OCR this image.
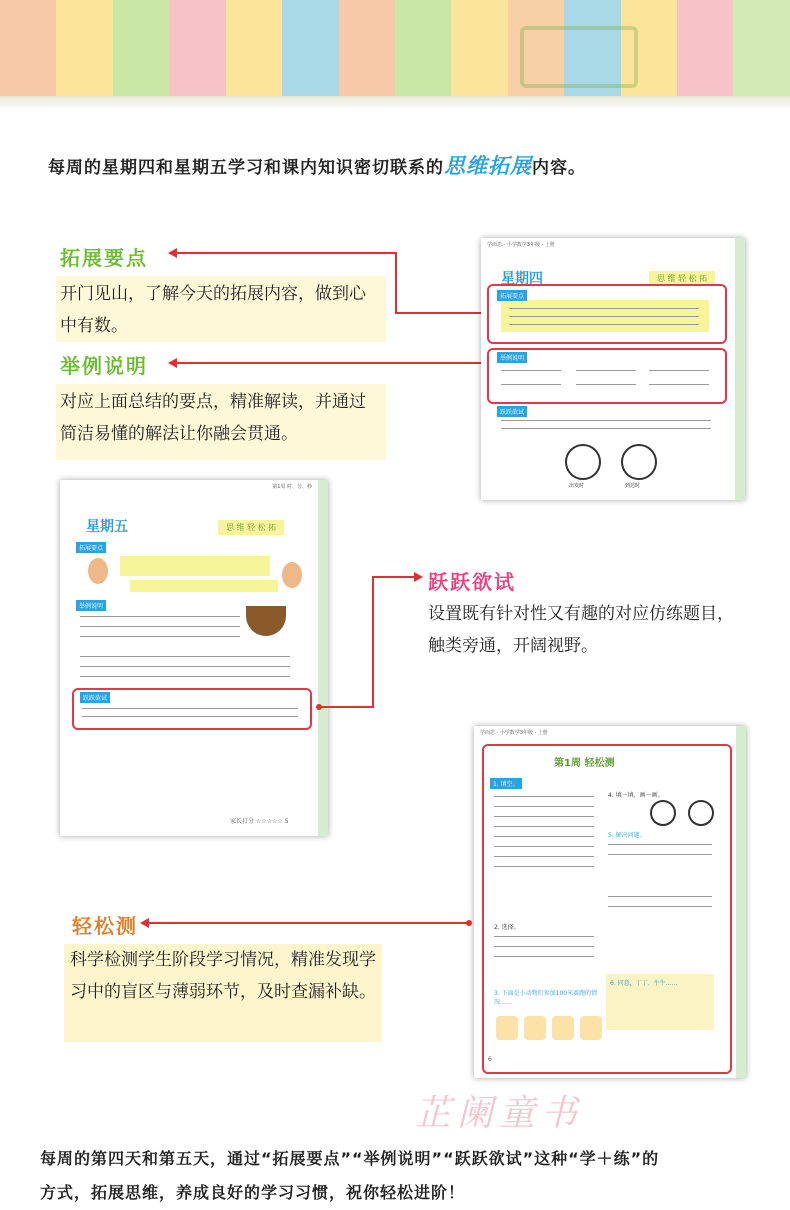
每周的星期四和星期五学习和课内知识密切联系的思维拓展内容。
拓展要点
开门见山，了解今天的拓展内容，做到心中有数。
举例说明
对应上面总结的要点，精准解读，并通过简洁易懂的解法让你融会贯通。
学而思 · 小学数学3年级 · 上册
星期四	思 维 轻 松 拓
拓展要点
举例说明
跃跃欲试
出发时	到达时
第1周 时、分、秒
星期五	思 维 轻 松 拓
拓展要点
举例说明
跃跃欲试
家长打分 ☆☆☆☆☆ 5
跃跃欲试
设置既有针对性又有趣的对应仿练题目，触类旁通，开阔视野。
学而思 · 小学数学3年级 · 上册
第1周 轻松测
1. 填空。
2. 选择。
3. 下面是小动物们参加100米赛跑的情况……
4. 填一填、画一画。
5. 解决问题。
6. 同意，丁丁、牛牛……
6
轻松测
科学检测学生阶段学习情况，精准发现学习中的盲区与薄弱环节，及时查漏补缺。
芷阑童书
每周的第四天和第五天，通过“拓展要点”“举例说明”“跃跃欲试”这种“学＋练”的
方式，拓展思维，养成良好的学习习惯，祝你轻松进阶！
